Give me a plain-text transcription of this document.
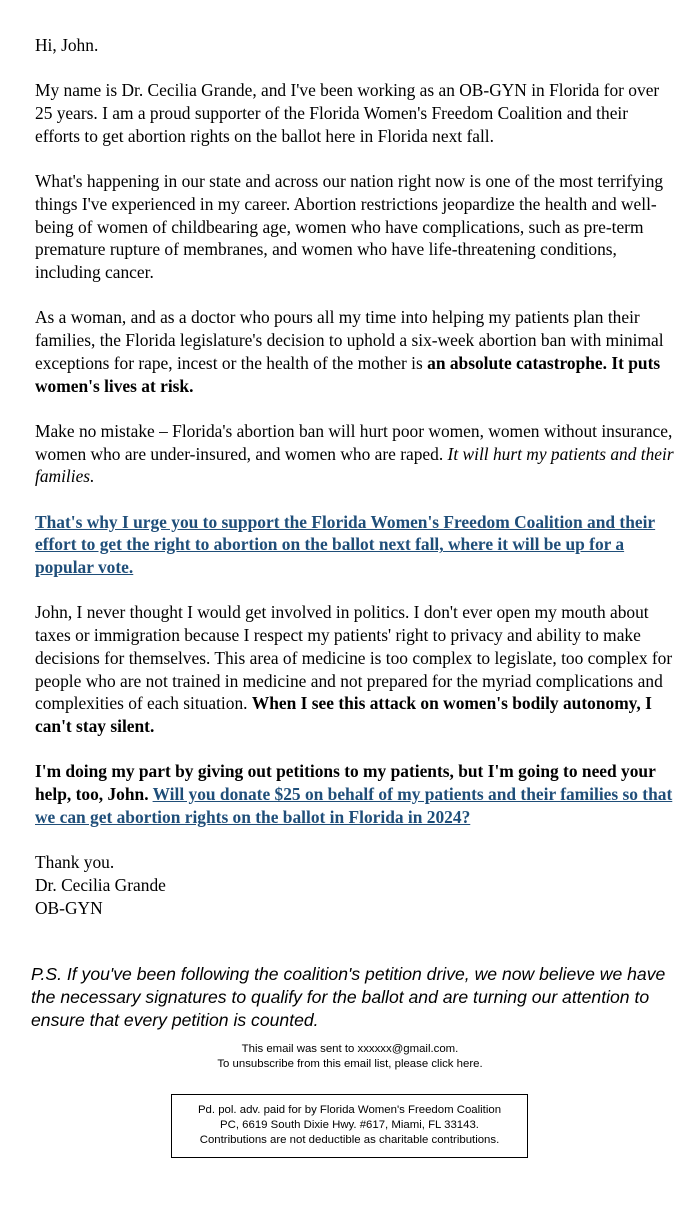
Hi, John.

My name is Dr. Cecilia Grande, and I've been working as an OB-GYN in Florida for over 25 years. I am a proud supporter of the Florida Women's Freedom Coalition and their efforts to get abortion rights on the ballot here in Florida next fall.

What's happening in our state and across our nation right now is one of the most terrifying things I've experienced in my career. Abortion restrictions jeopardize the health and well-being of women of childbearing age, women who have complications, such as pre-term premature rupture of membranes, and women who have life-threatening conditions, including cancer.

As a woman, and as a doctor who pours all my time into helping my patients plan their families, the Florida legislature's decision to uphold a six-week abortion ban with minimal exceptions for rape, incest or the health of the mother is an absolute catastrophe. It puts women's lives at risk.

Make no mistake – Florida's abortion ban will hurt poor women, women without insurance, women who are under-insured, and women who are raped. It will hurt my patients and their families.

That's why I urge you to support the Florida Women's Freedom Coalition and their effort to get the right to abortion on the ballot next fall, where it will be up for a popular vote.

John, I never thought I would get involved in politics. I don't ever open my mouth about taxes or immigration because I respect my patients' right to privacy and ability to make decisions for themselves. This area of medicine is too complex to legislate, too complex for people who are not trained in medicine and not prepared for the myriad complications and complexities of each situation. When I see this attack on women's bodily autonomy, I can't stay silent.

I'm doing my part by giving out petitions to my patients, but I'm going to need your help, too, John. Will you donate $25 on behalf of my patients and their families so that we can get abortion rights on the ballot in Florida in 2024?

Thank you.
Dr. Cecilia Grande
OB-GYN
P.S. If you've been following the coalition's petition drive, we now believe we have the necessary signatures to qualify for the ballot and are turning our attention to ensure that every petition is counted.
This email was sent to xxxxxx@gmail.com.
To unsubscribe from this email list, please click here.
Pd. pol. adv. paid for by Florida Women's Freedom Coalition
PC, 6619 South Dixie Hwy. #617, Miami, FL 33143.
Contributions are not deductible as charitable contributions.
